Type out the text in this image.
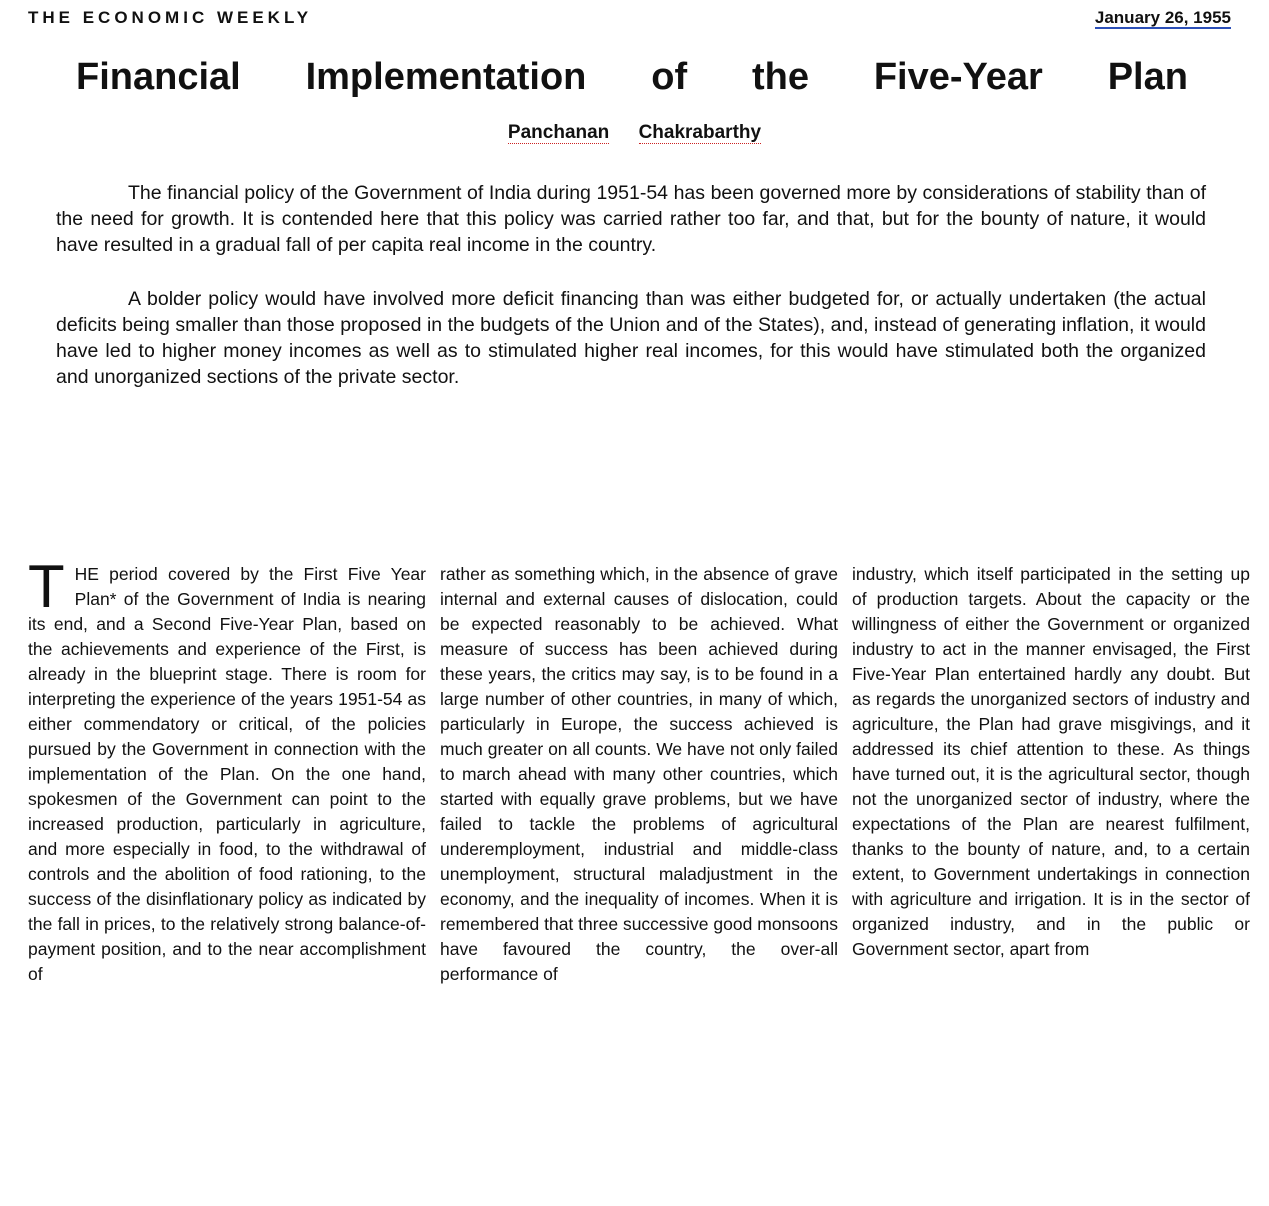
THE ECONOMIC WEEKLY	January 26, 1955
Financial Implementation of the Five-Year Plan
Panchanan Chakrabarthy

The financial policy of the Government of India during 1951-54 has been governed more by considerations of stability than of the need for growth. It is contended here that this policy was carried rather too far, and that, but for the bounty of nature, it would have resulted in a gradual fall of per capita real income in the country.

A bolder policy would have involved more deficit financing than was either budgeted for, or actually undertaken (the actual deficits being smaller than those proposed in the budgets of the Union and of the States), and, instead of generating inflation, it would have led to higher money incomes as well as to stimulated higher real incomes, for this would have stimulated both the organized and unorganized sections of the private sector.

T HE period covered by the First Five Year Plan* of the Government of India is nearing its end, and a Second Five-Year Plan, based on the achievements and experience of the First, is already in the blueprint stage. There is room for interpreting the experience of the years 1951-54 as either commendatory or critical, of the policies pursued by the Government in connection with the implementation of the Plan. On the one hand, spokesmen of the Government can point to the increased production, particularly in agriculture, and more especially in food, to the withdrawal of controls and the abolition of food rationing, to the success of the disinflationary policy as indicated by the fall in prices, to the relatively strong balance-of-payment position, and to the near accomplishment of
rather as something which, in the absence of grave internal and external causes of dislocation, could be expected reasonably to be achieved. What measure of success has been achieved during these years, the critics may say, is to be found in a large number of other countries, in many of which, particularly in Europe, the success achieved is much greater on all counts. We have not only failed to march ahead with many other countries, which started with equally grave problems, but we have failed to tackle the problems of agricultural underemployment, industrial and middle-class unemployment, structural maladjustment in the economy, and the inequality of incomes. When it is remembered that three successive good monsoons have favoured the country, the over-all performance of
industry, which itself participated in the setting up of production targets. About the capacity or the willingness of either the Government or organized industry to act in the manner envisaged, the First Five-Year Plan entertained hardly any doubt. But as regards the unorganized sectors of industry and agriculture, the Plan had grave misgivings, and it addressed its chief attention to these. As things have turned out, it is the agricultural sector, though not the unorganized sector of industry, where the expectations of the Plan are nearest fulfilment, thanks to the bounty of nature, and, to a certain extent, to Government undertakings in connection with agriculture and irrigation. It is in the sector of organized industry, and in the public or Government sector, apart from
